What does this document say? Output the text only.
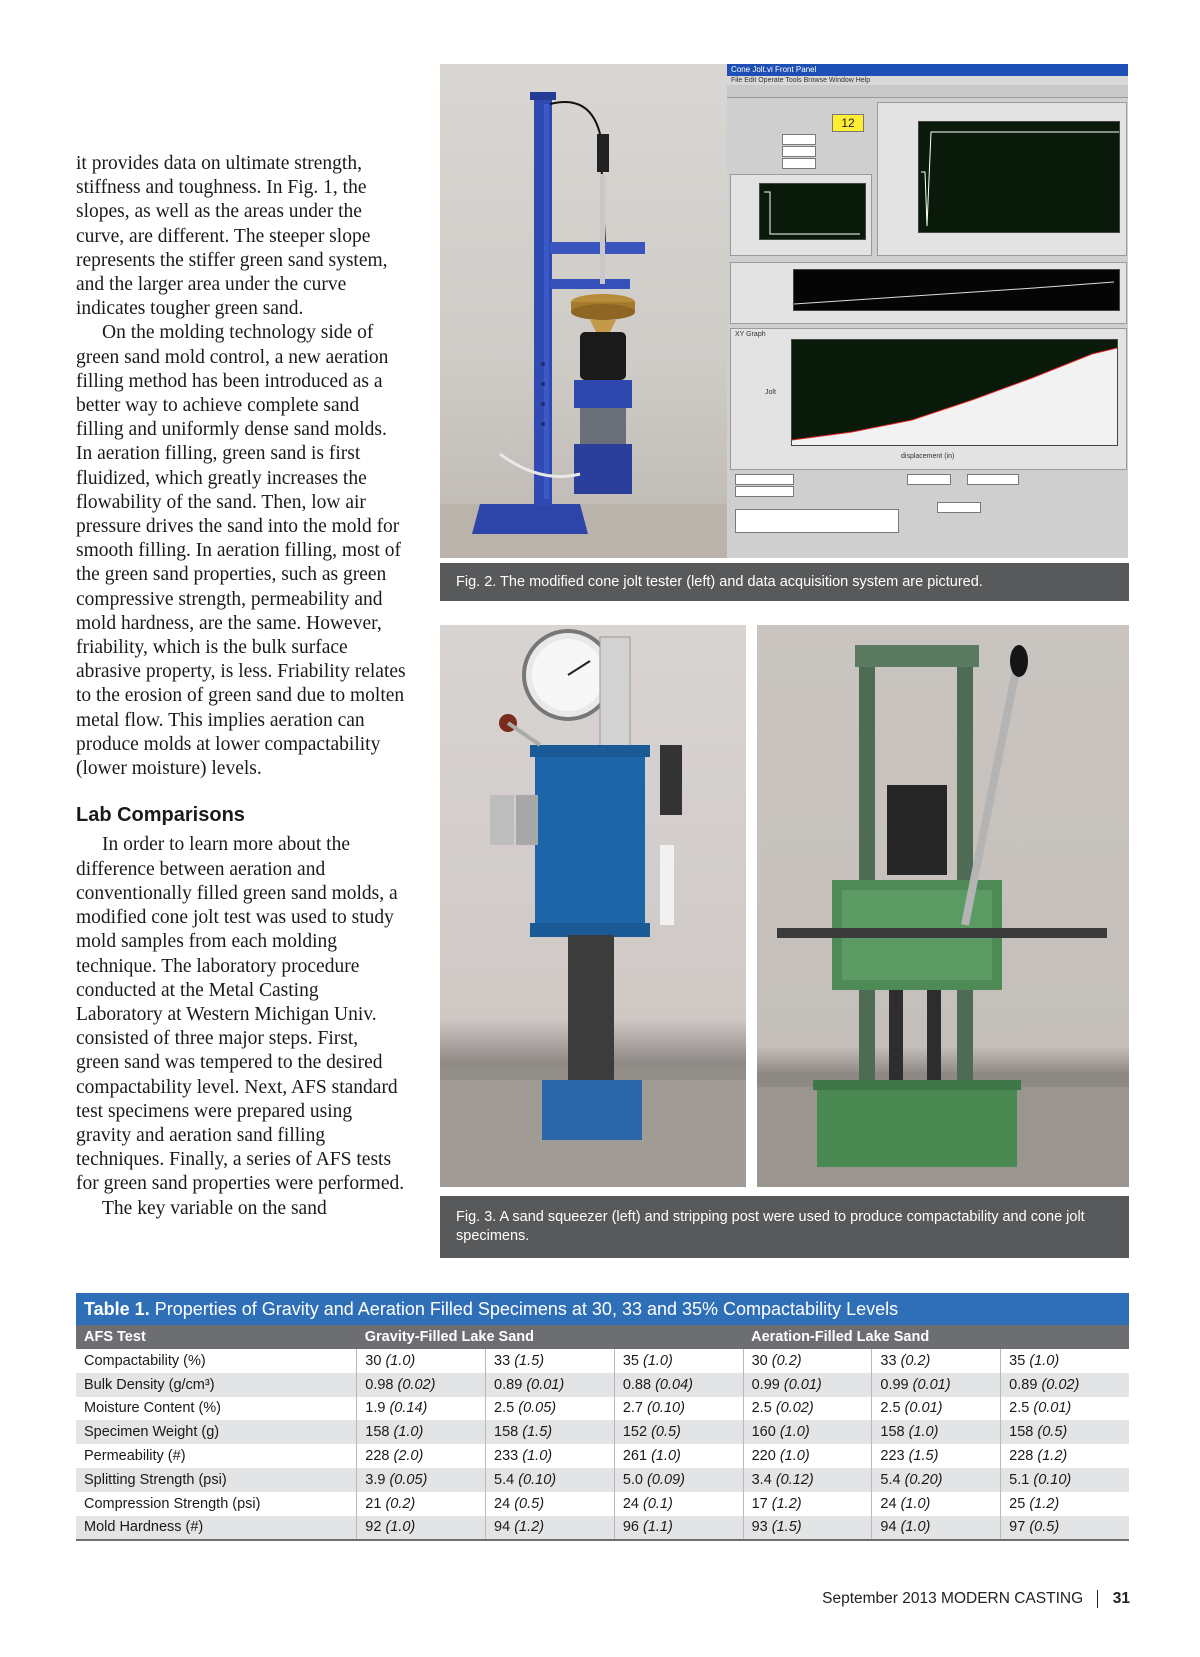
it provides data on ultimate strength, stiffness and toughness. In Fig. 1, the slopes, as well as the areas under the curve, are different. The steeper slope represents the stiffer green sand system, and the larger area under the curve indicates tougher green sand.

On the molding technology side of green sand mold control, a new aeration filling method has been introduced as a better way to achieve complete sand filling and uniformly dense sand molds. In aeration filling, green sand is first fluidized, which greatly increases the flowability of the sand. Then, low air pressure drives the sand into the mold for smooth filling. In aeration filling, most of the green sand properties, such as green compressive strength, permeability and mold hardness, are the same. However, friability, which is the bulk surface abrasive property, is less. Friability relates to the erosion of green sand due to molten metal flow. This implies aeration can produce molds at lower compactability (lower moisture) levels.

Lab Comparisons

In order to learn more about the difference between aeration and conventionally filled green sand molds, a modified cone jolt test was used to study mold samples from each molding technique. The laboratory procedure conducted at the Metal Casting Laboratory at Western Michigan Univ. consisted of three major steps. First, green sand was tempered to the desired compactability level. Next, AFS standard test specimens were prepared using gravity and aeration sand filling techniques. Finally, a series of AFS tests for green sand properties were performed.

The key variable on the sand

Cone Jolt.vi Front Panel
File Edit Operate Tools Browse Window Help
12
XY Graph
Jolt
displacement (in)
Fig. 2. The modified cone jolt tester (left) and data acquisition system are pictured.
Fig. 3. A sand squeezer (left) and stripping post were used to produce compactability and cone jolt specimens.
Table 1. Properties of Gravity and Aeration Filled Specimens at 30, 33 and 35% Compactability Levels
AFS Test	Gravity-Filled Lake Sand			Aeration-Filled Lake Sand		
Compactability (%)	30 (1.0)	33 (1.5)	35 (1.0)	30 (0.2)	33 (0.2)	35 (1.0)
Bulk Density (g/cm³)	0.98 (0.02)	0.89 (0.01)	0.88 (0.04)	0.99 (0.01)	0.99 (0.01)	0.89 (0.02)
Moisture Content (%)	1.9 (0.14)	2.5 (0.05)	2.7 (0.10)	2.5 (0.02)	2.5 (0.01)	2.5 (0.01)
Specimen Weight (g)	158 (1.0)	158 (1.5)	152 (0.5)	160 (1.0)	158 (1.0)	158 (0.5)
Permeability (#)	228 (2.0)	233 (1.0)	261 (1.0)	220 (1.0)	223 (1.5)	228 (1.2)
Splitting Strength (psi)	3.9 (0.05)	5.4 (0.10)	5.0 (0.09)	3.4 (0.12)	5.4 (0.20)	5.1 (0.10)
Compression Strength (psi)	21 (0.2)	24 (0.5)	24 (0.1)	17 (1.2)	24 (1.0)	25 (1.2)
Mold Hardness (#)	92 (1.0)	94 (1.2)	96 (1.1)	93 (1.5)	94 (1.0)	97 (0.5)
September 2013 MODERN CASTING 31
